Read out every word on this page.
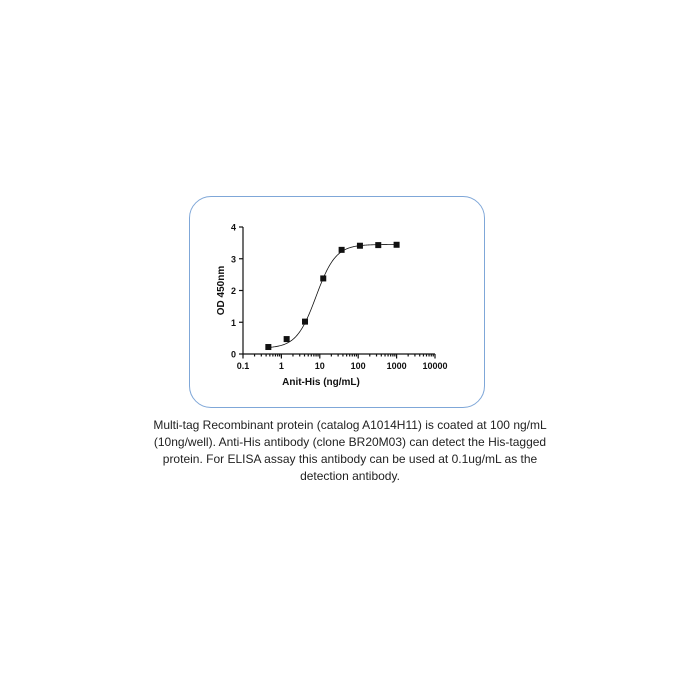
0
1
2
3
4
0.1	1	10	100 1000 10000
Anit-His (ng/mL)
OD 450nm
Multi-tag Recombinant protein (catalog A1014H11) is coated at 100 ng/mL (10ng/well). Anti-His antibody (clone BR20M03) can detect the His-tagged protein. For ELISA assay this antibody can be used at 0.1ug/mL as the detection antibody.
